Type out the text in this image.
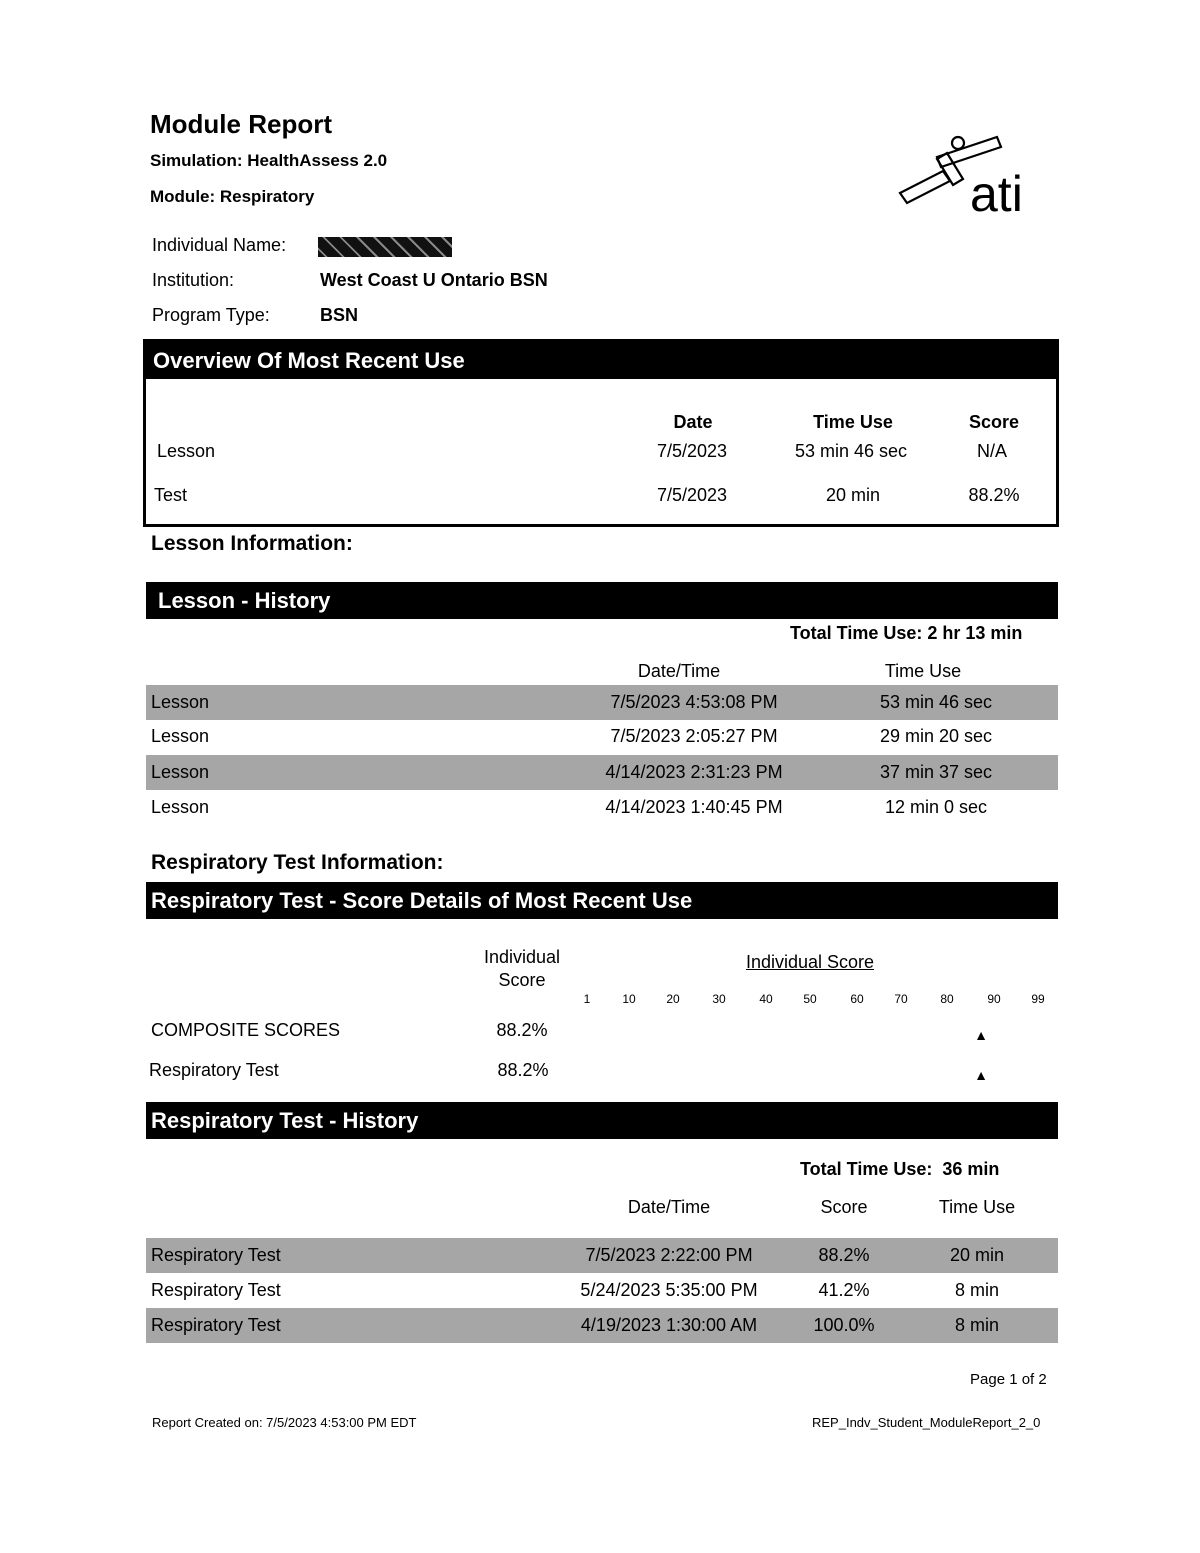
Module Report
Simulation: HealthAssess 2.0
Module: Respiratory	ati
Individual Name:
Institution:	West Coast U Ontario BSN
Program Type:	BSN
Overview Of Most Recent Use
Date	Time Use	Score
Lesson	7/5/2023	53 min 46 sec	N/A
Test	7/5/2023	20 min	88.2%
Lesson Information:
Lesson - History
Total Time Use: 2 hr 13 min
Date/Time	Time Use
Lesson	7/5/2023 4:53:08 PM	53 min 46 sec
Lesson	7/5/2023 2:05:27 PM	29 min 20 sec
Lesson	4/14/2023 2:31:23 PM	37 min 37 sec
Lesson	4/14/2023 1:40:45 PM	12 min 0 sec
Respiratory Test Information:
Respiratory Test - Score Details of Most Recent Use
Individual
Score
Individual Score
1	10	20	30	40	50	60	70	80	90	99
COMPOSITE SCORES	88.2%	▲
Respiratory Test	88.2%	▲
Respiratory Test - History
Total Time Use:  36 min
Date/Time	Score	Time Use
Respiratory Test	7/5/2023 2:22:00 PM	88.2%	20 min
Respiratory Test	5/24/2023 5:35:00 PM	41.2%	8 min
Respiratory Test	4/19/2023 1:30:00 AM	100.0%	8 min
Page 1 of 2
Report Created on: 7/5/2023 4:53:00 PM EDT	REP_Indv_Student_ModuleReport_2_0
